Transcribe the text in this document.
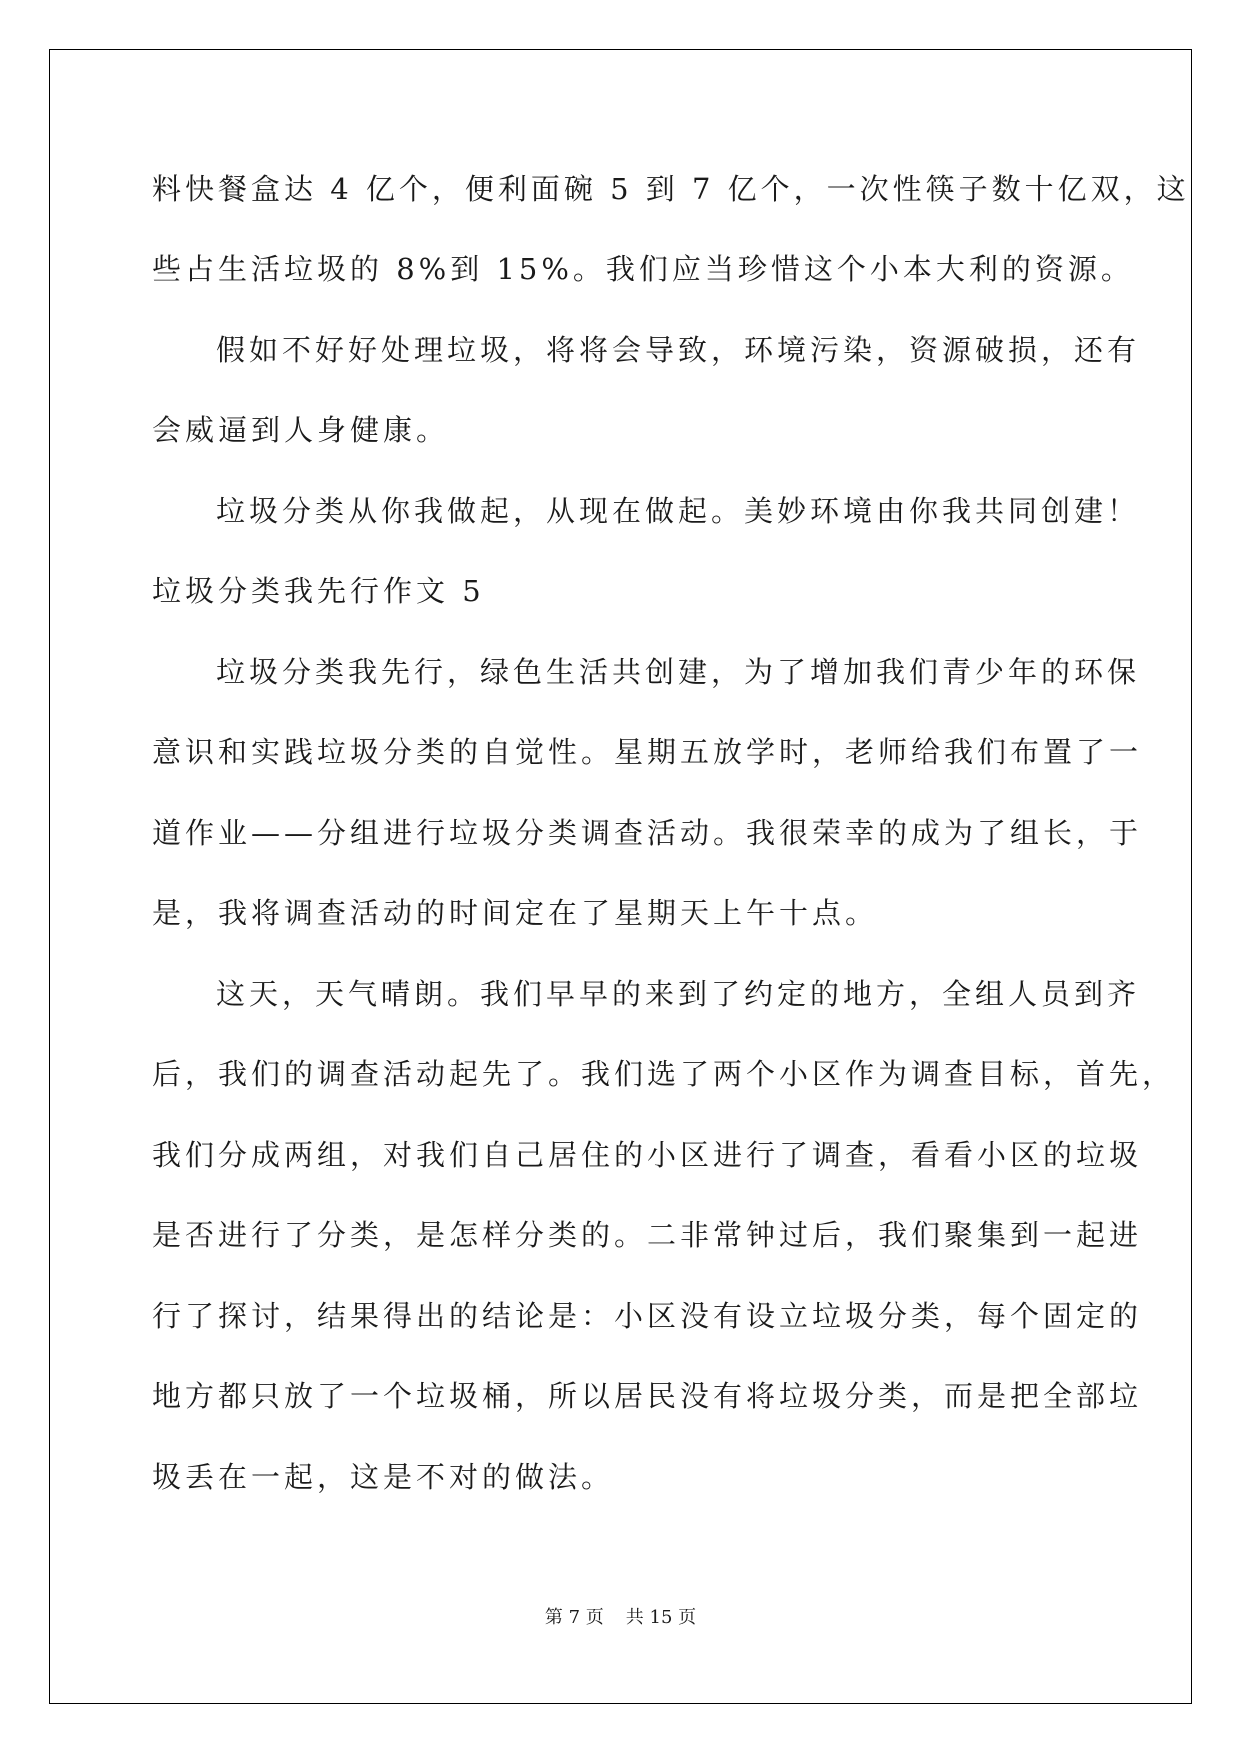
料快餐盒达 4 亿个，便利面碗 5 到 7 亿个，一次性筷子数十亿双，这
些占生活垃圾的 8%到 15%。我们应当珍惜这个小本大利的资源。
假如不好好处理垃圾，将将会导致，环境污染，资源破损，还有
会威逼到人身健康。
垃圾分类从你我做起，从现在做起。美妙环境由你我共同创建！
垃圾分类我先行作文 5
垃圾分类我先行，绿色生活共创建，为了增加我们青少年的环保
意识和实践垃圾分类的自觉性。星期五放学时，老师给我们布置了一
道作业——分组进行垃圾分类调查活动。我很荣幸的成为了组长，于
是，我将调查活动的时间定在了星期天上午十点。
这天，天气晴朗。我们早早的来到了约定的地方，全组人员到齐
后，我们的调查活动起先了。我们选了两个小区作为调查目标，首先，
我们分成两组，对我们自己居住的小区进行了调查，看看小区的垃圾
是否进行了分类，是怎样分类的。二非常钟过后，我们聚集到一起进
行了探讨，结果得出的结论是：小区没有设立垃圾分类，每个固定的
地方都只放了一个垃圾桶，所以居民没有将垃圾分类，而是把全部垃
圾丢在一起，这是不对的做法。
第 7 页 共 15 页
